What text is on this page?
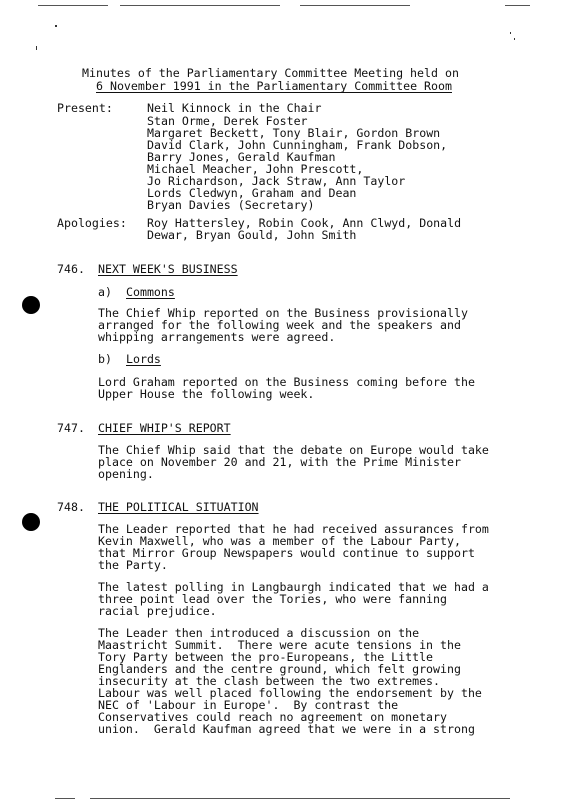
Minutes of the Parliamentary Committee Meeting held on
6 November 1991 in the Parliamentary Committee Room
Present:	Neil Kinnock in the Chair
Stan Orme, Derek Foster
Margaret Beckett, Tony Blair, Gordon Brown
David Clark, John Cunningham, Frank Dobson,
Barry Jones, Gerald Kaufman
Michael Meacher, John Prescott,
Jo Richardson, Jack Straw, Ann Taylor
Lords Cledwyn, Graham and Dean
Bryan Davies (Secretary)
Apologies: Roy Hattersley, Robin Cook, Ann Clwyd, Donald
Dewar, Bryan Gould, John Smith
746. NEXT WEEK'S BUSINESS
a) Commons
The Chief Whip reported on the Business provisionally
arranged for the following week and the speakers and
whipping arrangements were agreed.
b) Lords
Lord Graham reported on the Business coming before the
Upper House the following week.
747. CHIEF WHIP'S REPORT
The Chief Whip said that the debate on Europe would take
place on November 20 and 21, with the Prime Minister
opening.
748. THE POLITICAL SITUATION
The Leader reported that he had received assurances from
Kevin Maxwell, who was a member of the Labour Party,
that Mirror Group Newspapers would continue to support
the Party.
The latest polling in Langbaurgh indicated that we had a
three point lead over the Tories, who were fanning
racial prejudice.
The Leader then introduced a discussion on the
Maastricht Summit.  There were acute tensions in the
Tory Party between the pro-Europeans, the Little
Englanders and the centre ground, which felt growing
insecurity at the clash between the two extremes.
Labour was well placed following the endorsement by the
NEC of 'Labour in Europe'.  By contrast the
Conservatives could reach no agreement on monetary
union.  Gerald Kaufman agreed that we were in a strong
